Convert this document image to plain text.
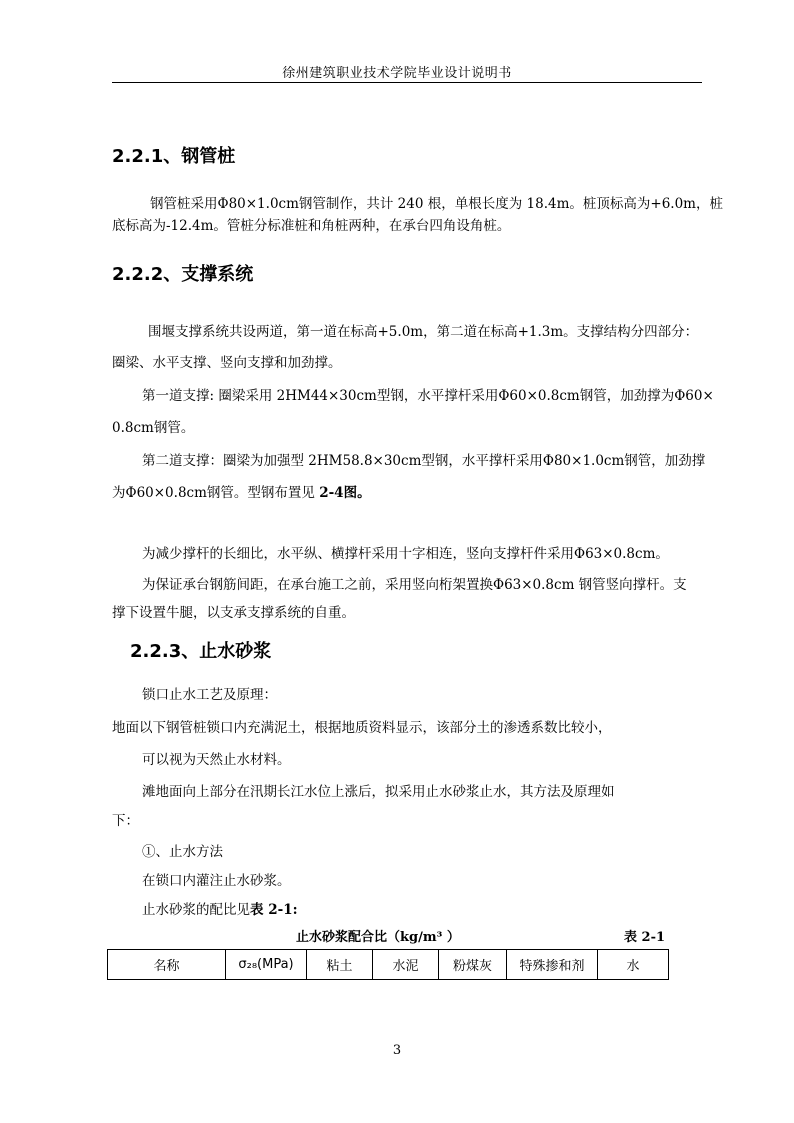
徐州建筑职业技术学院毕业设计说明书
2.2.1、钢管桩
钢管桩采用Φ80×1.0cm钢管制作，共计 240 根，单根长度为 18.4m。桩顶标高为+6.0m，桩
底标高为-12.4m。管桩分标准桩和角桩两种，在承台四角设角桩。
2.2.2、支撑系统
围堰支撑系统共设两道，第一道在标高+5.0m，第二道在标高+1.3m。支撑结构分四部分：
圈梁、水平支撑、竖向支撑和加劲撑。
第一道支撑: 圈梁采用 2HM44×30cm型钢，水平撑杆采用Φ60×0.8cm钢管，加劲撑为Φ60×
0.8cm钢管。
第二道支撑：圈梁为加强型 2HM58.8×30cm型钢，水平撑杆采用Φ80×1.0cm钢管，加劲撑
为Φ60×0.8cm钢管。型钢布置见 2-4图。
为减少撑杆的长细比，水平纵、横撑杆采用十字相连，竖向支撑杆件采用Φ63×0.8cm。
为保证承台钢筋间距，在承台施工之前，采用竖向桁架置换Φ63×0.8cm 钢管竖向撑杆。支
撑下设置牛腿，以支承支撑系统的自重。
2.2.3、止水砂浆
锁口止水工艺及原理：
地面以下钢管桩锁口内充满泥土，根据地质资料显示，该部分土的渗透系数比较小，
可以视为天然止水材料。
滩地面向上部分在汛期长江水位上涨后，拟采用止水砂浆止水，其方法及原理如
下：
①、止水方法
在锁口内灌注止水砂浆。
止水砂浆的配比见表 2-1:
止水砂浆配合比（kg/m³ ）	表 2-1
名称	σ₂₈(MPa)	粘土	水泥	粉煤灰	特殊掺和剂	水
3
